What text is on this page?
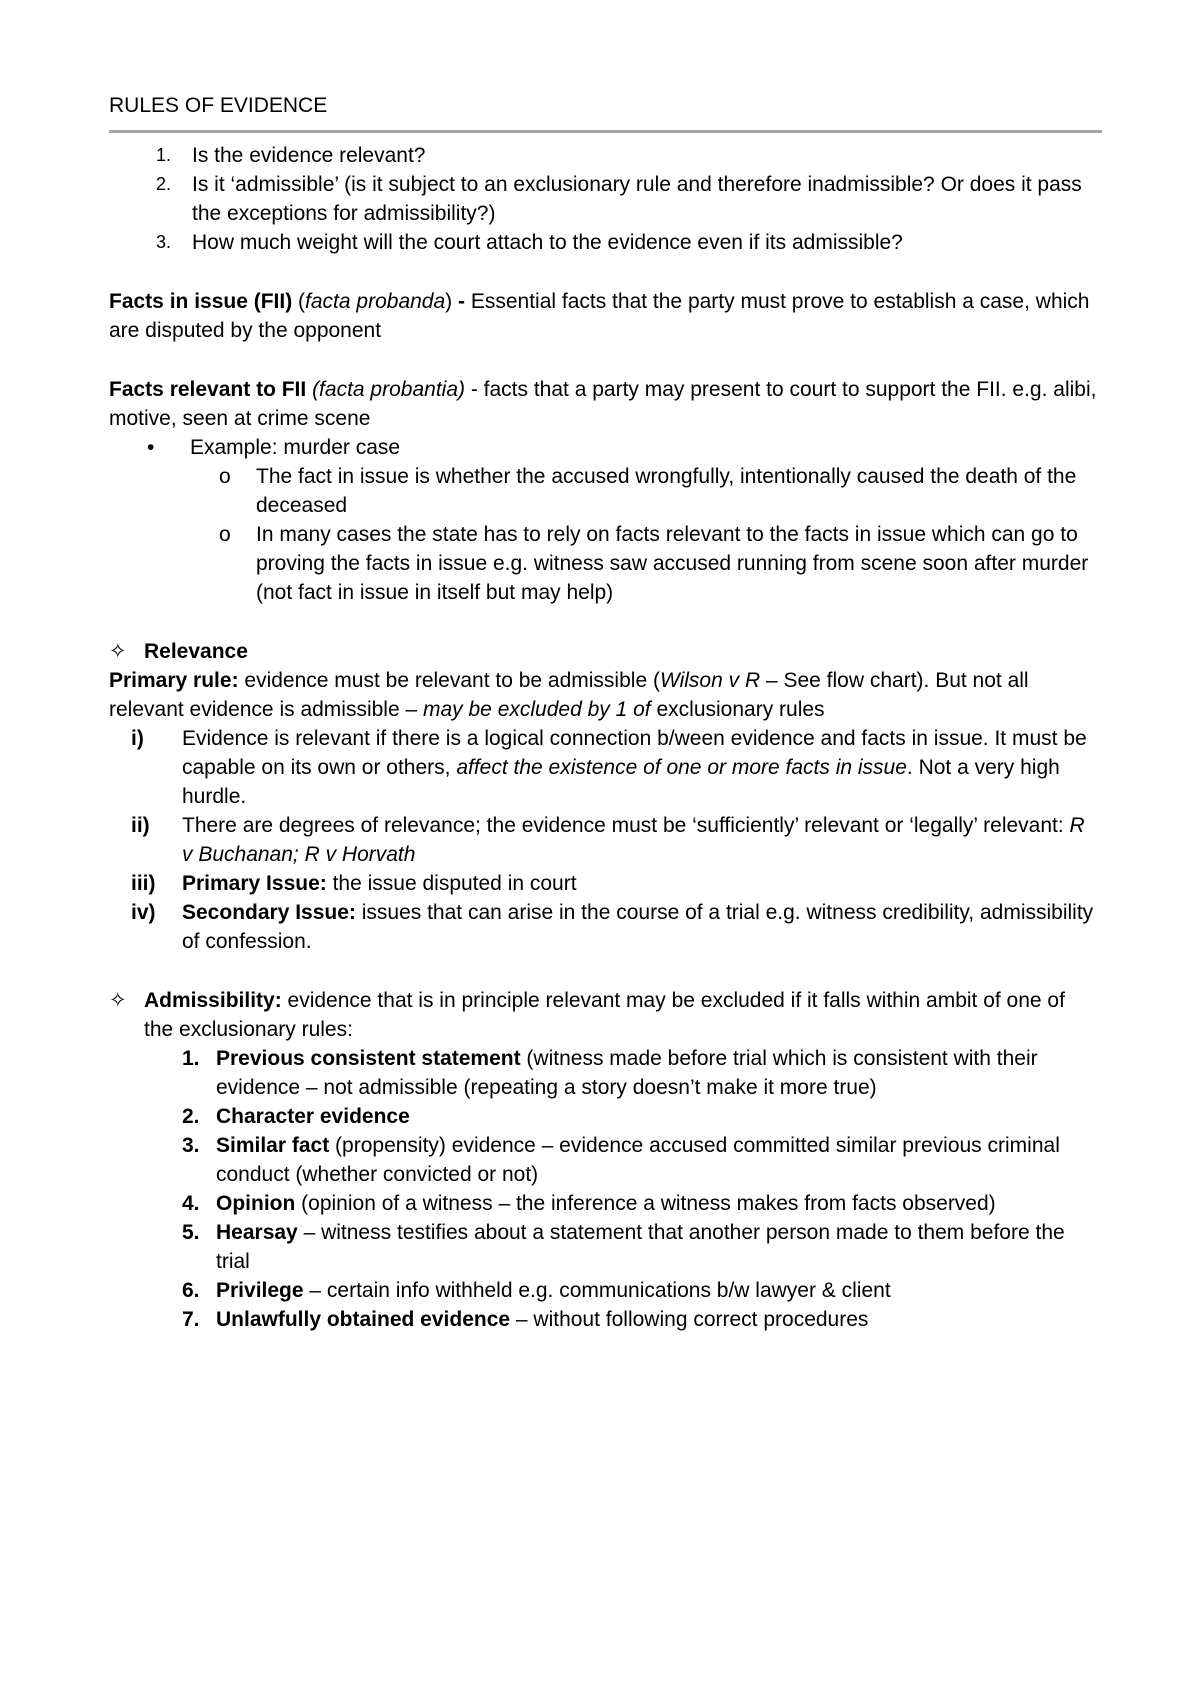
RULES OF EVIDENCE

1. Is the evidence relevant?
2. Is it ‘admissible’ (is it subject to an exclusionary rule and therefore inadmissible? Or does it pass the exceptions for admissibility?)
3. How much weight will the court attach to the evidence even if its admissible?

Facts in issue (FII) (facta probanda) - Essential facts that the party must prove to establish a case, which are disputed by the opponent

Facts relevant to FII (facta probantia) - facts that a party may present to court to support the FII. e.g. alibi, motive, seen at crime scene

•	Example: murder case
o	The fact in issue is whether the accused wrongfully, intentionally caused the death of the deceased
o	In many cases the state has to rely on facts relevant to the facts in issue which can go to proving the facts in issue e.g. witness saw accused running from scene soon after murder (not fact in issue in itself but may help)
✧ Relevance

Primary rule: evidence must be relevant to be admissible (Wilson v R – See flow chart). But not all relevant evidence is admissible – may be excluded by 1 of exclusionary rules

i)	Evidence is relevant if there is a logical connection b/ween evidence and facts in issue. It must be capable on its own or others, affect the existence of one or more facts in issue. Not a very high hurdle.
ii)	There are degrees of relevance; the evidence must be ‘sufficiently’ relevant or ‘legally’ relevant: R v Buchanan; R v Horvath
iii)	Primary Issue: the issue disputed in court
iv)	Secondary Issue: issues that can arise in the course of a trial e.g. witness credibility, admissibility of confession.
✧ Admissibility: evidence that is in principle relevant may be excluded if it falls within ambit of one of the exclusionary rules:
1. Previous consistent statement (witness made before trial which is consistent with their evidence – not admissible (repeating a story doesn’t make it more true)
2. Character evidence
3. Similar fact (propensity) evidence – evidence accused committed similar previous criminal conduct (whether convicted or not)
4. Opinion (opinion of a witness – the inference a witness makes from facts observed)
5. Hearsay – witness testifies about a statement that another person made to them before the trial
6. Privilege – certain info withheld e.g. communications b/w lawyer & client
7. Unlawfully obtained evidence – without following correct procedures
